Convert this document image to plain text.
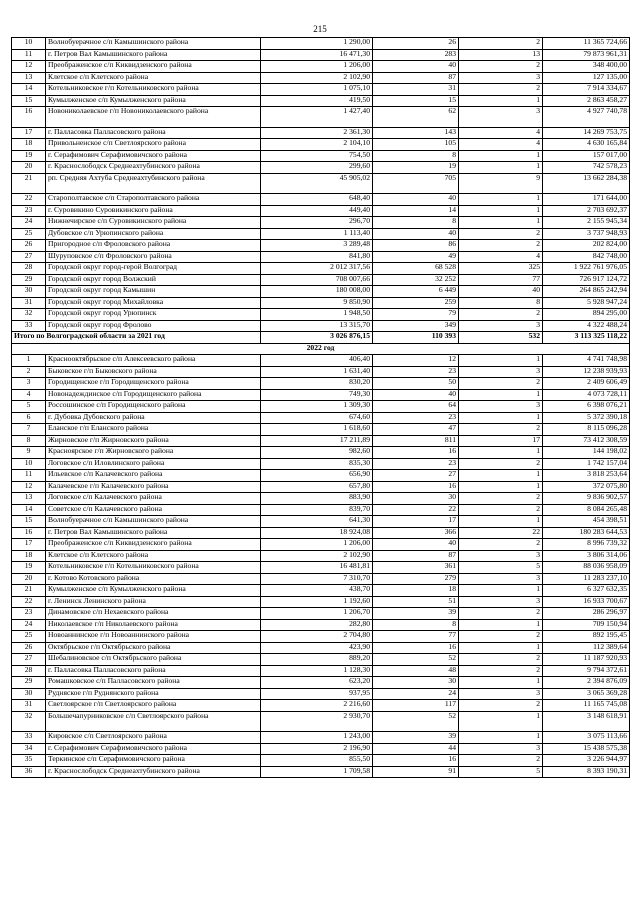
215
10	Волнобуерачное с/п Камышинского района	1 290,00	26	2	11 365 724,66
11	г. Петров Вал Камышинского района	16 471,30	283	13	79 873 961,31
12	Преображенское с/п Киквидзенского района	1 206,00	40	2	348 400,00
13	Клетское с/п Клетского района	2 102,90	87	3	127 135,00
14	Котельниковское г/п Котельниковского района	1 075,10	31	2	7 914 334,67
15	Кумылженское с/п Кумылженского района	419,50	15	1	2 863 458,27
16	Новониколаевское г/п Новониколаевского района	1 427,40	62	3	4 927 740,78
17	г. Палласовка Палласовского района	2 361,30	143	4	14 269 753,75
18	Привольненское с/п Светлоярского района	2 104,10	105	4	4 630 165,84
19	г. Серафимович Серафимовичского района	754,50	8	1	157 017,00
20	г. Краснослободск Среднеахтубинского района	299,60	19	1	742 578,23
21	рп. Средняя Ахтуба Среднеахтубинского района	45 905,02	705	9	13 662 284,38
22	Старополтавское с/п Старополтавского района	648,40	40	1	171 644,00
23	г. Суровикино Суровикинского района	449,40	14	1	2 703 692,37
24	Нижнечирское с/п Суровикинского района	296,70	8	1	2 155 945,34
25	Дубовское с/п Урюпинского района	1 113,40	40	2	3 737 948,93
26	Пригородное с/п Фроловского района	3 289,48	86	2	202 824,00
27	Шуруповское с/п Фроловского района	841,80	49	4	842 748,00
28	Городской округ город-герой Волгоград	2 012 317,56	68 528	325	1 922 761 976,05
29	Городской округ город Волжский	708 007,66	32 252	77	726 917 124,72
30	Городской округ город Камышин	180 008,00	6 449	40	264 865 242,94
31	Городской округ город Михайловка	9 850,90	259	8	5 928 947,24
32	Городской округ город Урюпинск	1 948,50	79	2	894 295,00
33	Городской округ город Фролово	13 315,70	349	3	4 322 488,24
Итого по Волгоградской области за 2021 год		3 026 876,15	110 393	532	3 113 325 118,22
2022 год					
1	Краснооктябрьское с/п Алексеевского района	406,40	12	1	4 741 748,98
2	Быковское г/п Быковского района	1 631,40	23	3	12 238 939,93
3	Городищенское г/п Городищенского района	830,20	50	2	2 409 606,49
4	Новонадеждинское с/п Городищенского района	749,30	40	1	4 073 728,11
5	Россошинское с/п Городищенского района	1 309,30	64	3	6 398 076,21
6	г. Дубовка Дубовского района	674,60	23	1	5 372 390,18
7	Еланское г/п Еланского района	1 618,60	47	2	8 115 096,28
8	Жирновское г/п Жирновского района	17 211,89	811	17	73 412 308,59
9	Красноярское г/п Жирновского района	982,60	16	1	144 198,02
10	Логовское с/п Иловлинского района	835,30	23	2	1 742 157,04
11	Ильевское с/п Калачевского района	656,90	27	1	3 818 253,64
12	Калачевское г/п Калачевского района	657,80	16	1	372 075,80
13	Логовское с/п Калачевского района	883,90	30	2	9 836 902,57
14	Советское с/п Калачевского района	839,70	22	2	8 084 265,48
15	Волнобуерачное с/п Камышинского района	641,30	17	1	454 398,51
16	г. Петров Вал Камышинского района	18 924,08	366	22	180 283 644,53
17	Преображенское с/п Киквидзенского района	1 206,00	40	2	8 996 739,32
18	Клетское с/п Клетского района	2 102,90	87	3	3 806 314,06
19	Котельниковское г/п Котельниковского района	16 481,81	361	5	88 036 958,09
20	г. Котово Котовского района	7 310,70	279	3	11 283 237,10
21	Кумылженское с/п Кумылженского района	438,70	18	1	6 327 632,35
22	г. Ленинск Ленинского района	1 192,60	51	3	16 933 700,67
23	Динамовское с/п Нехаевского района	1 206,70	39	2	286 296,97
24	Николаевское г/п Николаевского района	282,80	8	1	709 150,94
25	Новоаннинское г/п Новоаннинского района	2 704,80	77	2	892 195,45
26	Октябрьское г/п Октябрьского района	423,90	16	1	112 389,64
27	Шебалиновское с/п Октябрьского района	889,20	52	2	11 187 920,93
28	г. Палласовка Палласовского района	1 128,30	48	2	9 794 372,61
29	Ромашковское с/п Палласовского района	623,20	30	1	2 394 876,09
30	Рудняское г/п Руднянского района	937,95	24	3	3 065 369,28
31	Светлоярское г/п Светлоярского района	2 216,60	117	2	11 165 745,08
32	Большечапурниковское с/п Светлоярского района	2 930,70	52	1	3 148 618,91
33	Кировское с/п Светлоярского района	1 243,00	39	1	3 075 113,66
34	г. Серафимович Серафимовичского района	2 196,90	44	3	15 438 575,38
35	Теркинское с/п Серафимовичского района	855,50	16	2	3 226 944,97
36	г. Краснослободск Среднеахтубинского района	1 709,58	91	5	8 393 190,31
